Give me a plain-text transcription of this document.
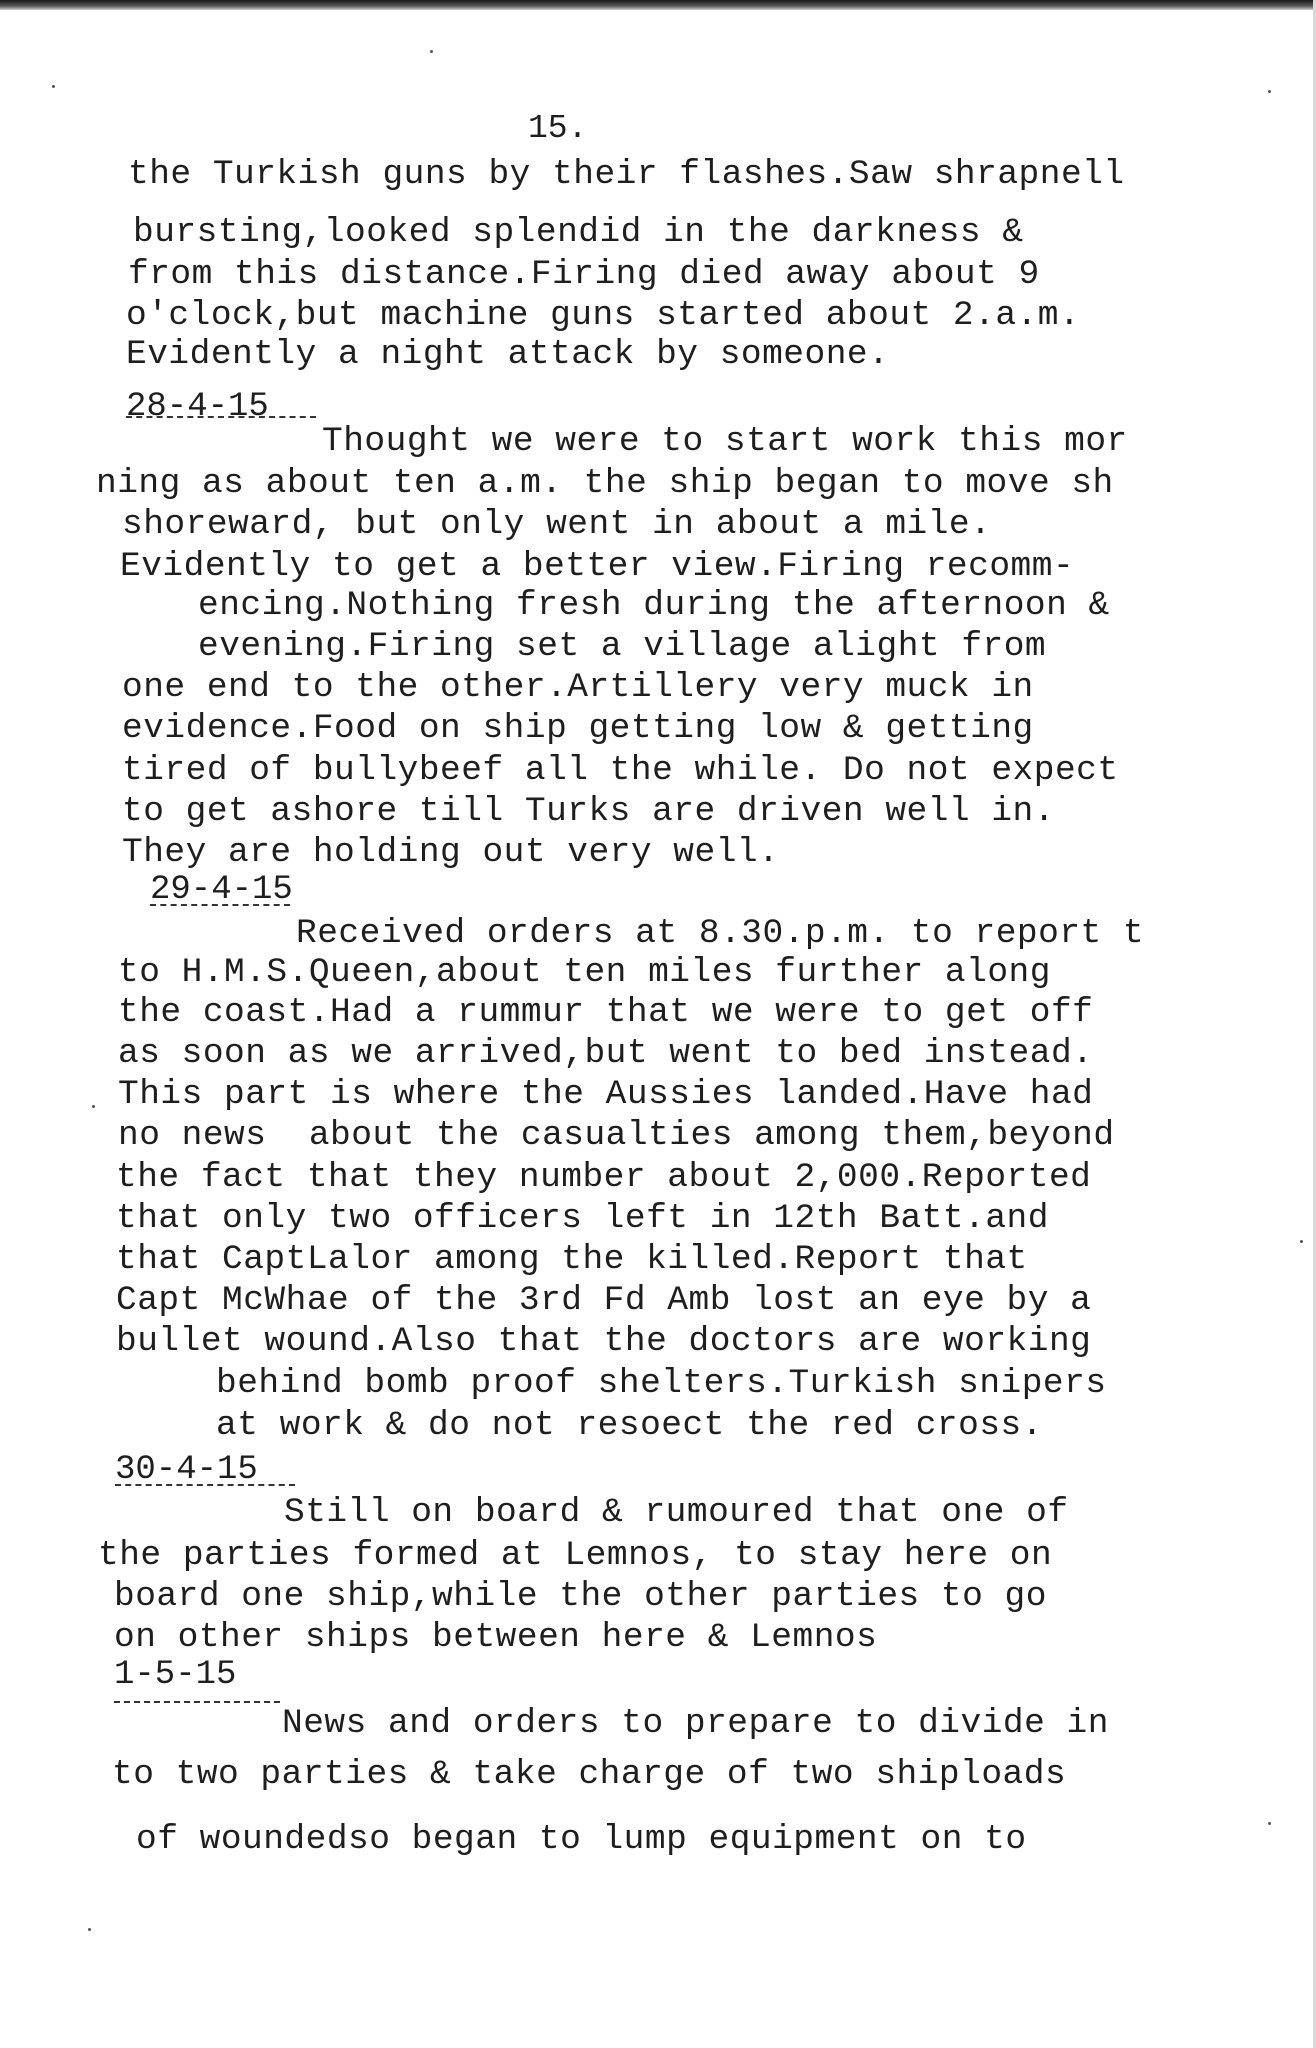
15.
the Turkish guns by their flashes.Saw shrapnell
bursting,looked splendid in the darkness &
from this distance.Firing died away about 9
o'clock,but machine guns started about 2.a.m.
Evidently a night attack by someone.
28-4-15
Thought we were to start work this mor
ning as about ten a.m. the ship began to move sh
shoreward, but only went in about a mile.
Evidently to get a better view.Firing recomm-
encing.Nothing fresh during the afternoon &
evening.Firing set a village alight from
one end to the other.Artillery very muck in
evidence.Food on ship getting low & getting
tired of bullybeef all the while. Do not expect
to get ashore till Turks are driven well in.
They are holding out very well.
29-4-15
Received orders at 8.30.p.m. to report t
to H.M.S.Queen,about ten miles further along
the coast.Had a rummur that we were to get off
as soon as we arrived,but went to bed instead.
This part is where the Aussies landed.Have had
no news  about the casualties among them,beyond
the fact that they number about 2,000.Reported
that only two officers left in 12th Batt.and
that CaptLalor among the killed.Report that
Capt McWhae of the 3rd Fd Amb lost an eye by a
bullet wound.Also that the doctors are working
behind bomb proof shelters.Turkish snipers
at work & do not resoect the red cross.
30-4-15
Still on board & rumoured that one of
the parties formed at Lemnos, to stay here on
board one ship,while the other parties to go
on other ships between here & Lemnos
1-5-15
News and orders to prepare to divide in
to two parties & take charge of two shiploads
of woundedso began to lump equipment on to
